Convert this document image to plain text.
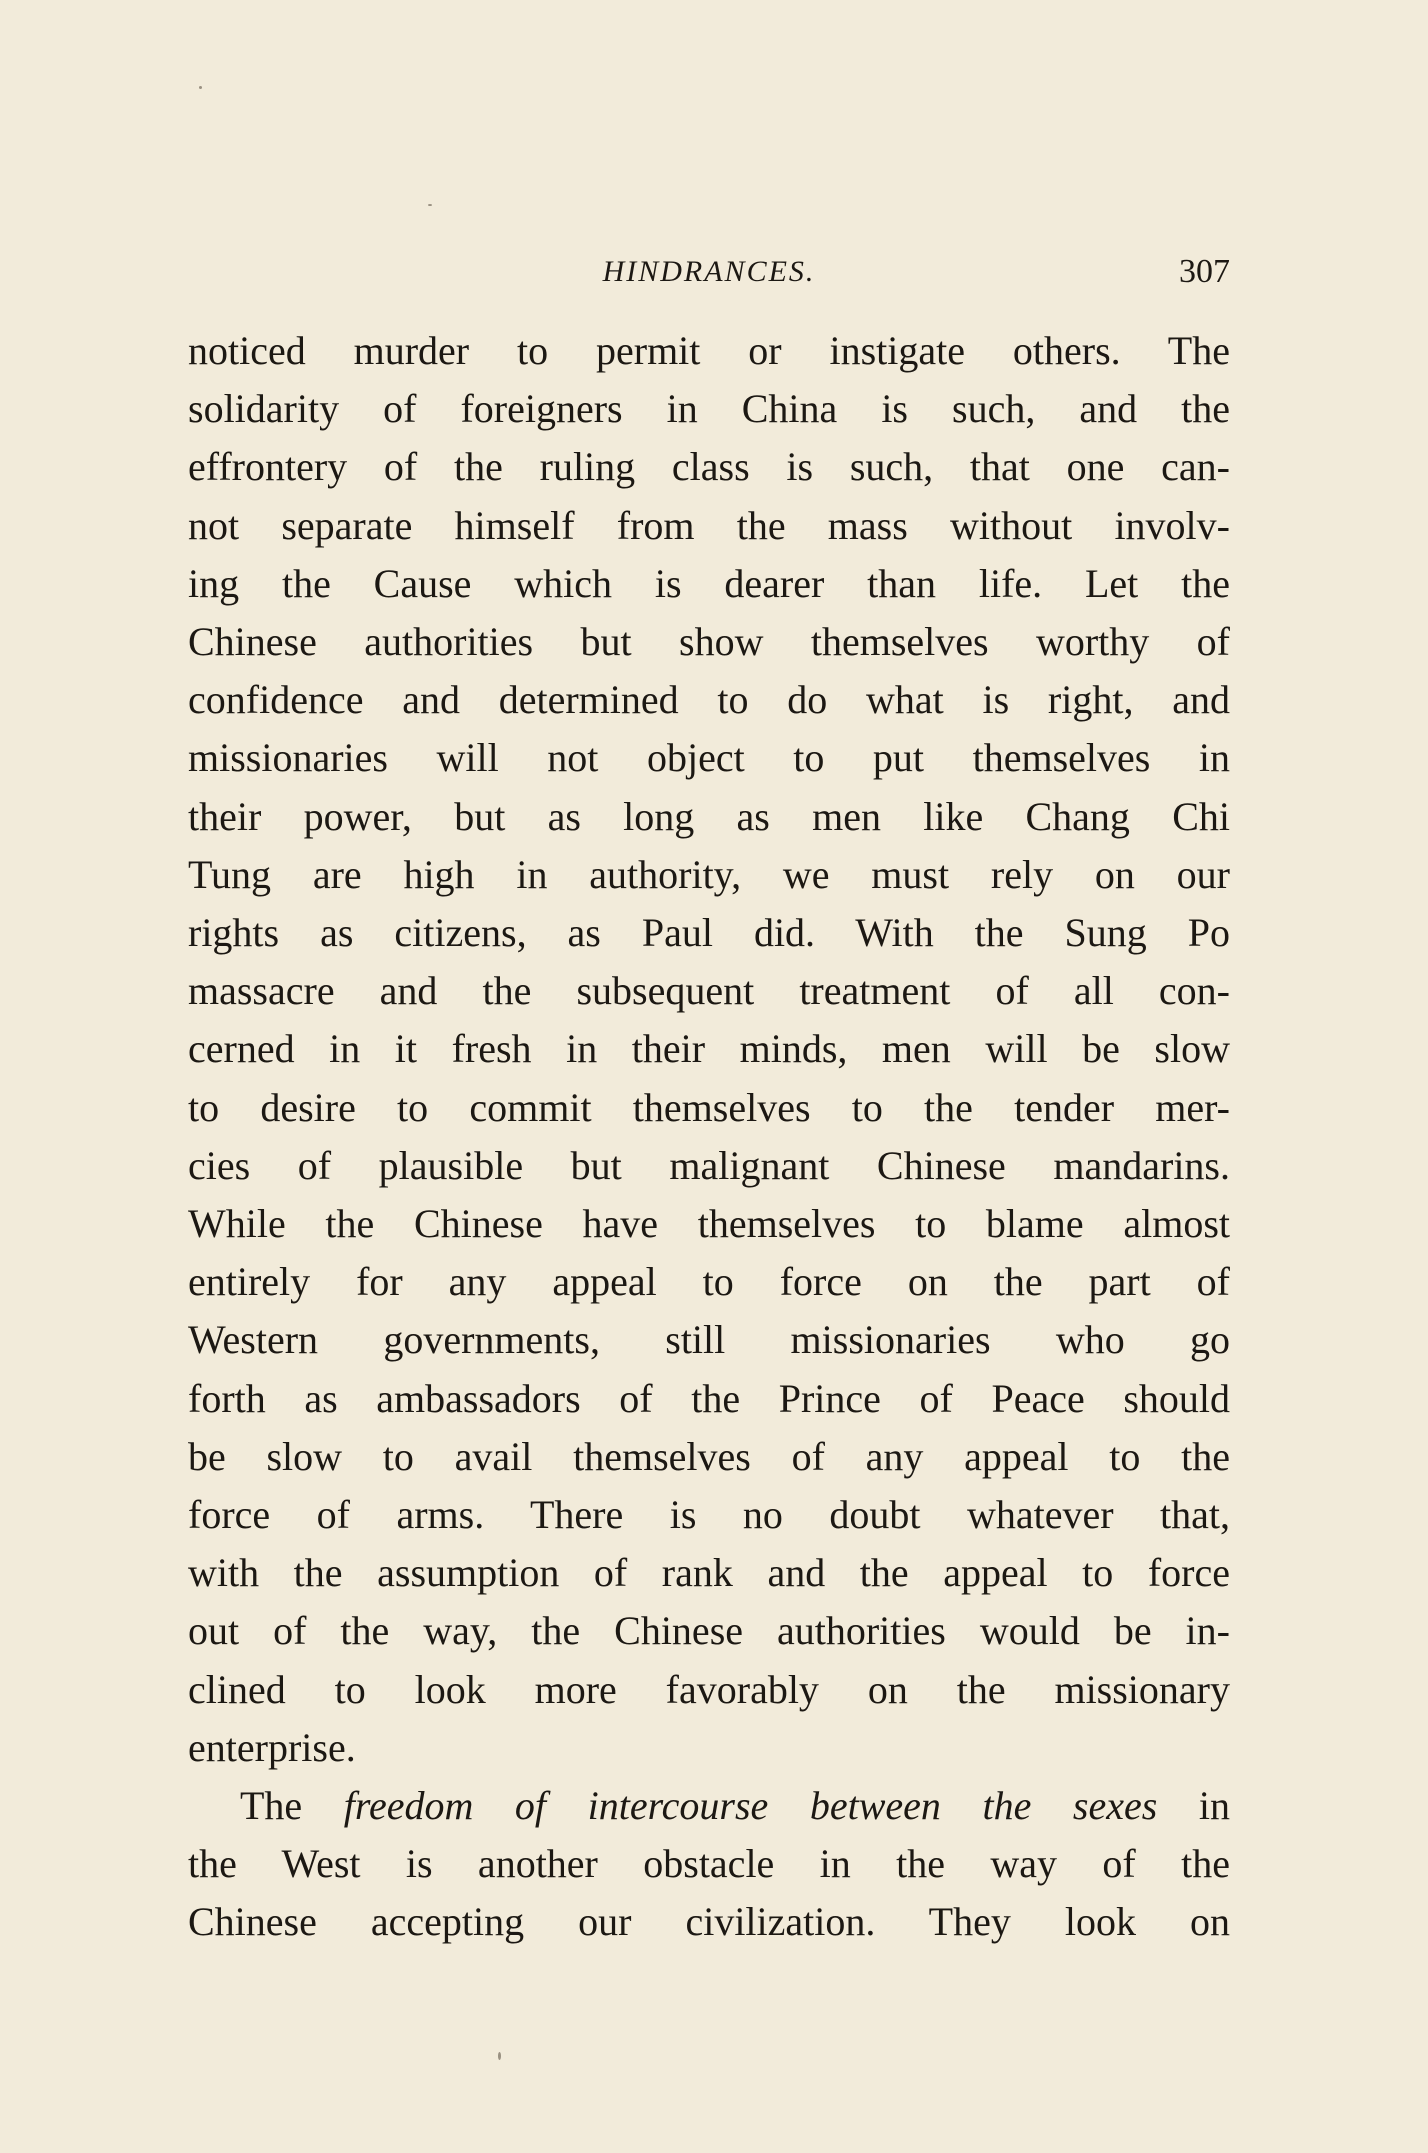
HINDRANCES.	307
noticed murder to permit or instigate others. The
solidarity of foreigners in China is such, and the
effrontery of the ruling class is such, that one can-
not separate himself from the mass without involv-
ing the Cause which is dearer than life. Let the
Chinese authorities but show themselves worthy of
confidence and determined to do what is right, and
missionaries will not object to put themselves in
their power, but as long as men like Chang Chi
Tung are high in authority, we must rely on our
rights as citizens, as Paul did. With the Sung Po
massacre and the subsequent treatment of all con-
cerned in it fresh in their minds, men will be slow
to desire to commit themselves to the tender mer-
cies of plausible but malignant Chinese mandarins.
While the Chinese have themselves to blame almost
entirely for any appeal to force on the part of
Western governments, still missionaries who go
forth as ambassadors of the Prince of Peace should
be slow to avail themselves of any appeal to the
force of arms. There is no doubt whatever that,
with the assumption of rank and the appeal to force
out of the way, the Chinese authorities would be in-
clined to look more favorably on the missionary
enterprise.
The freedom of intercourse between the sexes in
the West is another obstacle in the way of the
Chinese accepting our civilization. They look on
